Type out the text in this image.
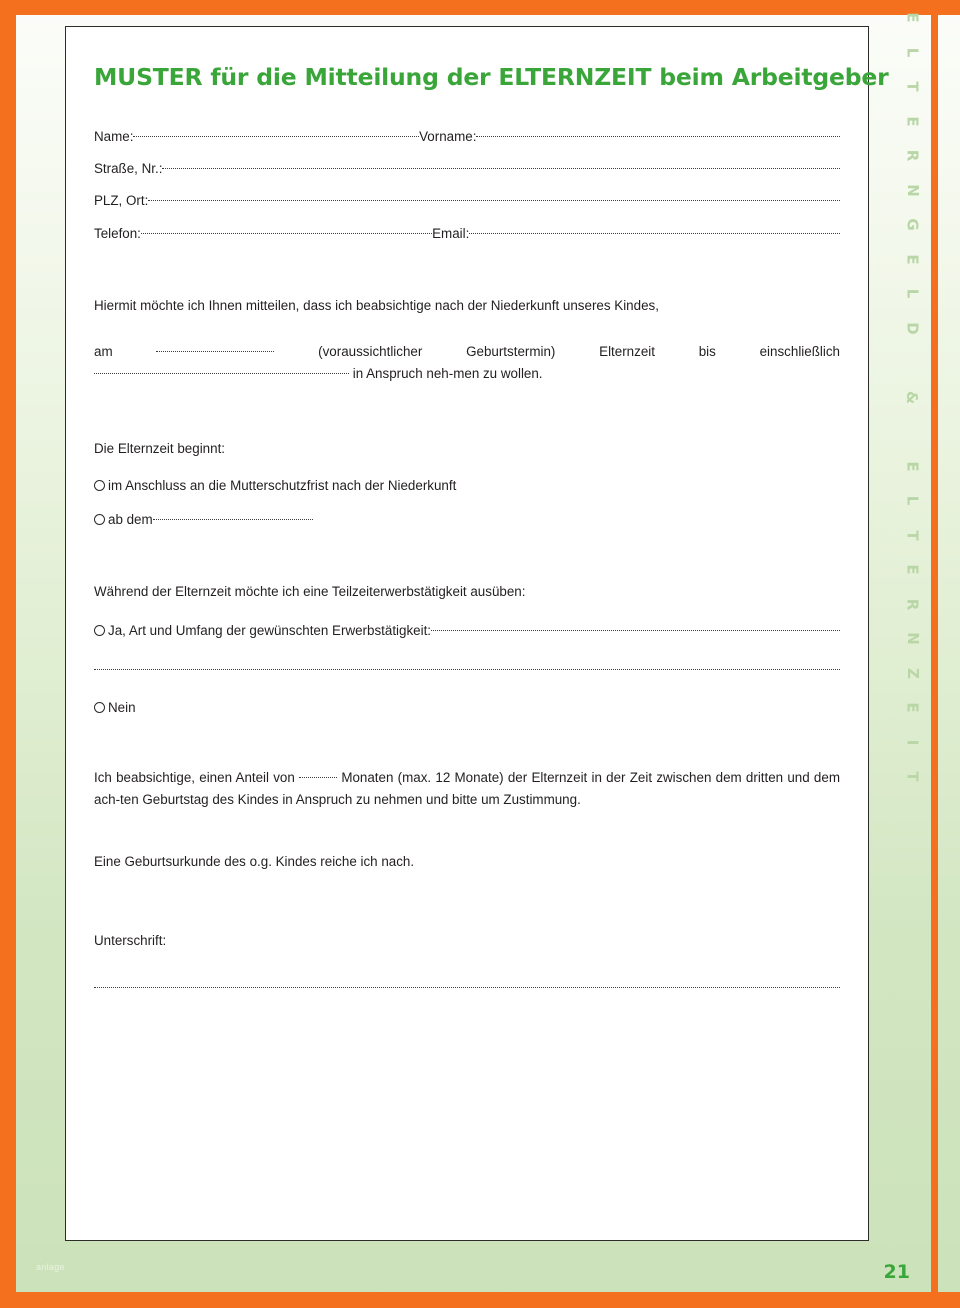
E
L
T
E
R
N
G
E
L
D
&
E
L
T
E
R
N
Z
E
I
T
MUSTER für die Mitteilung der ELTERNZEIT beim Arbeitgeber
Name:	Vorname:
Straße, Nr.:
PLZ, Ort:
Telefon:	Email:

Hiermit möchte ich Ihnen mitteilen, dass ich beabsichtige nach der Niederkunft unseres Kindes,

am	(voraussichtlicher Geburtstermin) Elternzeit bis einschließlich in Anspruch neh-men zu wollen.

Die Elternzeit beginnt:

im Anschluss an die Mutterschutzfrist nach der Niederkunft
ab dem

Während der Elternzeit möchte ich eine Teilzeiterwerbstätigkeit ausüben:

Ja, Art und Umfang der gewünschten Erwerbstätigkeit:
Nein

Ich beabsichtige, einen Anteil von	Monaten (max. 12 Monate) der Elternzeit in der Zeit zwischen dem dritten und dem ach-ten Geburtstag des Kindes in Anspruch zu nehmen und bitte um Zustimmung.

Eine Geburtsurkunde des o.g. Kindes reiche ich nach.

Unterschrift:

anlage	21
